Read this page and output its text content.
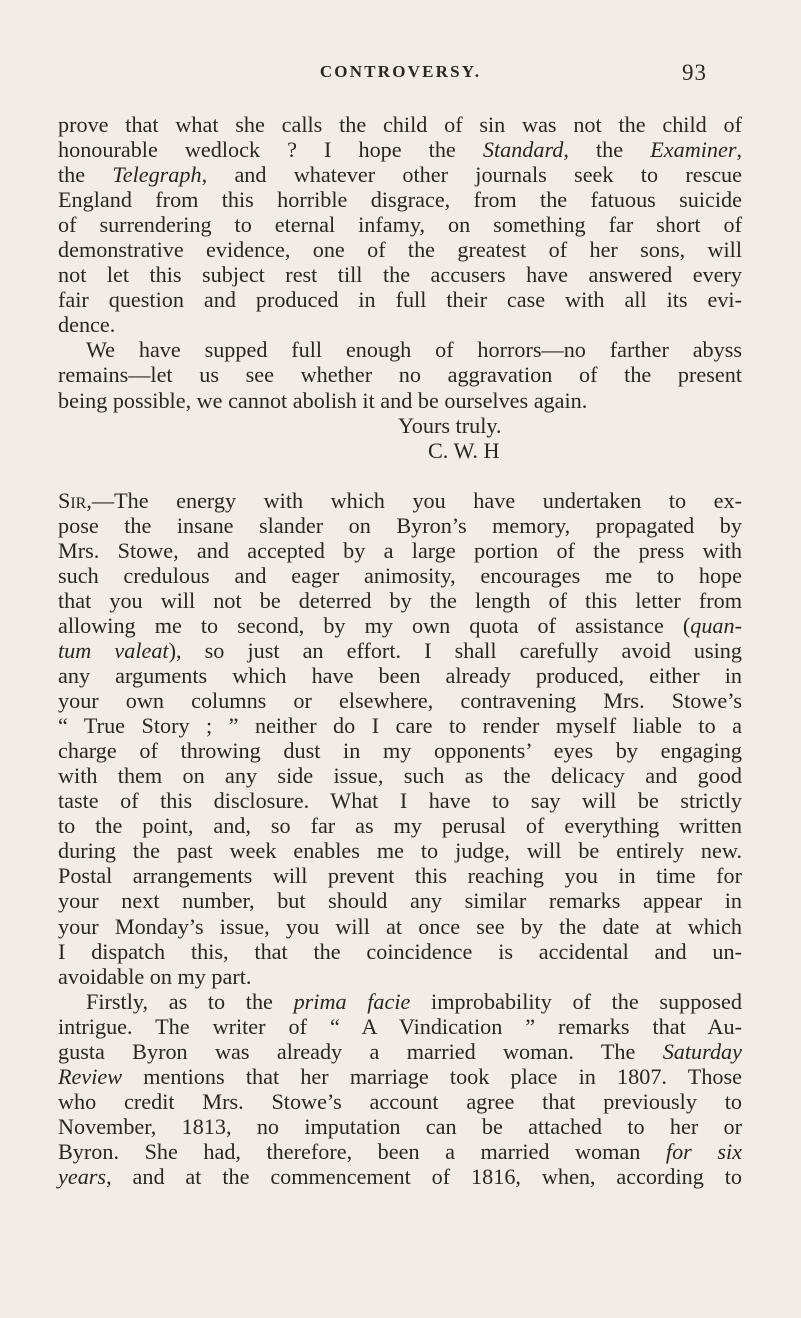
CONTROVERSY.	93
prove that what she calls the child of sin was not the child of
honourable wedlock ? I hope the Standard, the Examiner,
the Telegraph, and whatever other journals seek to rescue
England from this horrible disgrace, from the fatuous suicide
of surrendering to eternal infamy, on something far short of
demonstrative evidence, one of the greatest of her sons, will
not let this subject rest till the accusers have answered every
fair question and produced in full their case with all its evi-
dence.
We have supped full enough of horrors—no farther abyss
remains—let us see whether no aggravation of the present
being possible, we cannot abolish it and be ourselves again.
Yours truly.
C. W. H
Sir,—The energy with which you have undertaken to ex-
pose the insane slander on Byron’s memory, propagated by
Mrs. Stowe, and accepted by a large portion of the press with
such credulous and eager animosity, encourages me to hope
that you will not be deterred by the length of this letter from
allowing me to second, by my own quota of assistance (quan-
tum valeat), so just an effort. I shall carefully avoid using
any arguments which have been already produced, either in
your own columns or elsewhere, contravening Mrs. Stowe’s
“ True Story ; ” neither do I care to render myself liable to a
charge of throwing dust in my opponents’ eyes by engaging
with them on any side issue, such as the delicacy and good
taste of this disclosure. What I have to say will be strictly
to the point, and, so far as my perusal of everything written
during the past week enables me to judge, will be entirely new.
Postal arrangements will prevent this reaching you in time for
your next number, but should any similar remarks appear in
your Monday’s issue, you will at once see by the date at which
I dispatch this, that the coincidence is accidental and un-
avoidable on my part.
Firstly, as to the prima facie improbability of the supposed
intrigue. The writer of “ A Vindication ” remarks that Au-
gusta Byron was already a married woman. The Saturday
Review mentions that her marriage took place in 1807. Those
who credit Mrs. Stowe’s account agree that previously to
November, 1813, no imputation can be attached to her or
Byron. She had, therefore, been a married woman for six
years, and at the commencement of 1816, when, according to
